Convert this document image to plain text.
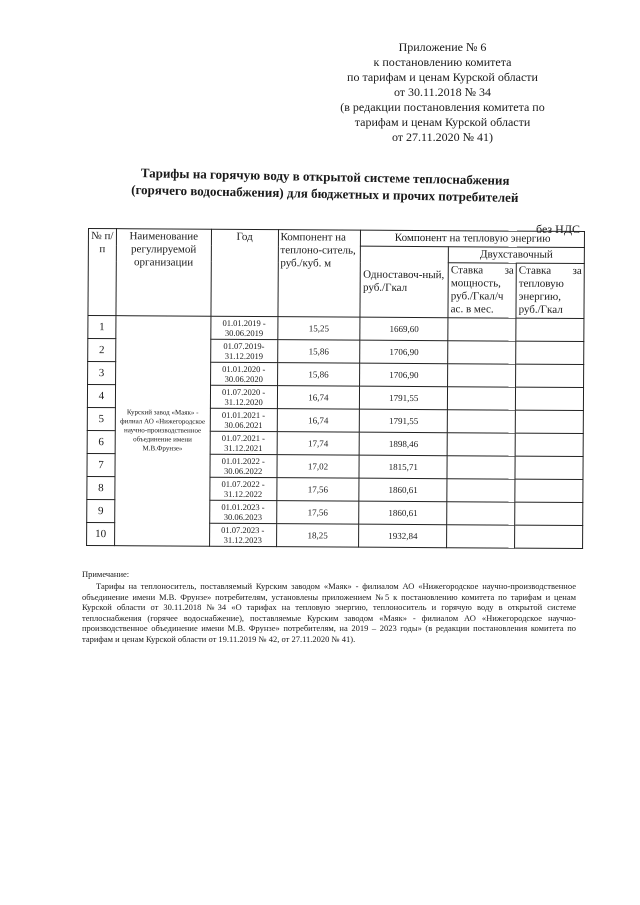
Приложение № 6
к постановлению комитета
по тарифам и ценам Курской области
от 30.11.2018 № 34
(в редакции постановления комитета по
тарифам и ценам Курской области
от 27.11.2020 № 41)
Тарифы на горячую воду в открытой системе теплоснабжения
(горячего водоснабжения) для бюджетных и прочих потребителей
без НДС
№ п/п	Наименование регулируемой организации	Год	Компонент на теплоно-ситель, руб./куб. м	Компонент на тепловую энергию		
				Одноставоч-ный, руб./Гкал	Двухставочный	
					Ставка за мощность, руб./Гкал/ч ас. в мес.	Ставка за тепловую энергию, руб./Гкал
1	Курский завод «Маяк» - филиал АО «Нижегородское научно-производственное объединение имени М.В.Фрунзе»	01.01.2019 - 30.06.2019	15,25	1669,60		
2		01.07.2019- 31.12.2019	15,86	1706,90		
3		01.01.2020 - 30.06.2020	15,86	1706,90		
4		01.07.2020 - 31.12.2020	16,74	1791,55		
5		01.01.2021 - 30.06.2021	16,74	1791,55		
6		01.07.2021 - 31.12.2021	17,74	1898,46		
7		01.01.2022 - 30.06.2022	17,02	1815,71		
8		01.07.2022 - 31.12.2022	17,56	1860,61		
9		01.01.2023 - 30.06.2023	17,56	1860,61		
10		01.07.2023 - 31.12.2023	18,25	1932,84		
Примечание:
Тарифы на теплоноситель, поставляемый Курским заводом «Маяк» - филиалом АО «Нижегородское научно-производственное объединение имени М.В. Фрунзе» потребителям, установлены приложением №5 к постановлению комитета по тарифам и ценам Курской области от 30.11.2018 №34 «О тарифах на тепловую энергию, теплоноситель и горячую воду в открытой системе теплоснабжения (горячее водоснабжение), поставляемые Курским заводом «Маяк» - филиалом АО «Нижегородское научно-производственное объединение имени М.В. Фрунзе» потребителям, на 2019 – 2023 годы» (в редакции постановления комитета по тарифам и ценам Курской области от 19.11.2019 № 42, от 27.11.2020 № 41).
